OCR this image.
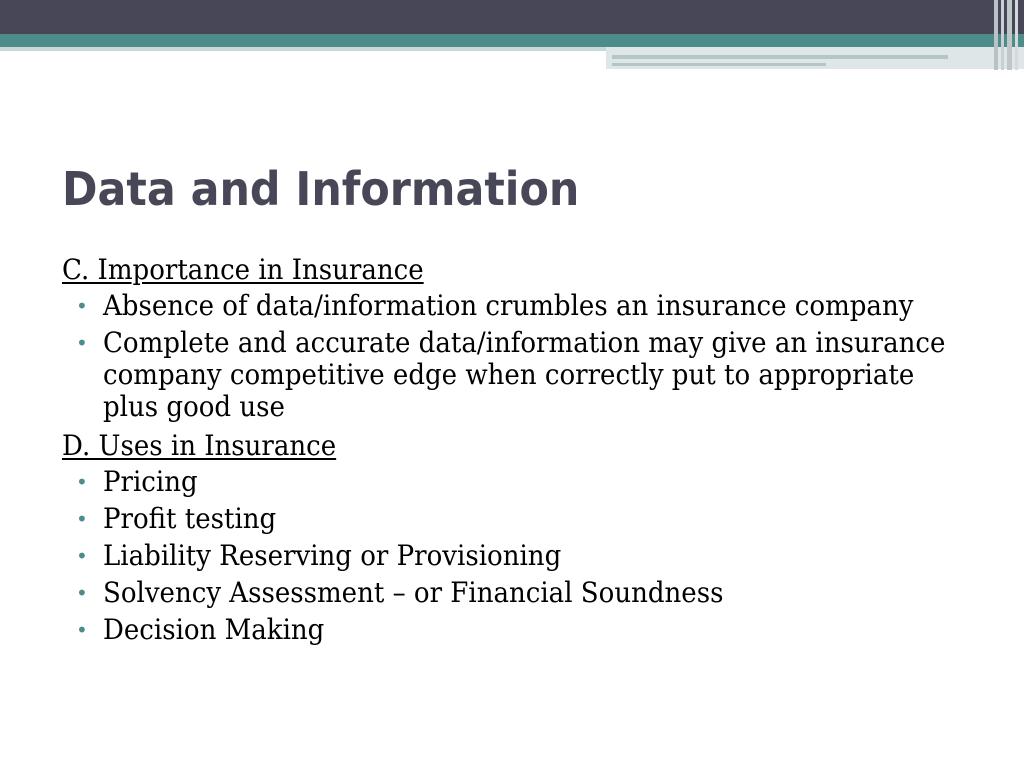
Data and Information
C. Importance in Insurance
• Absence of data/information crumbles an insurance company
• Complete and accurate data/information may give an insurance company competitive edge when correctly put to appropriate plus good use
D. Uses in Insurance
• Pricing
• Profit testing
• Liability Reserving or Provisioning
• Solvency Assessment – or Financial Soundness
• Decision Making
